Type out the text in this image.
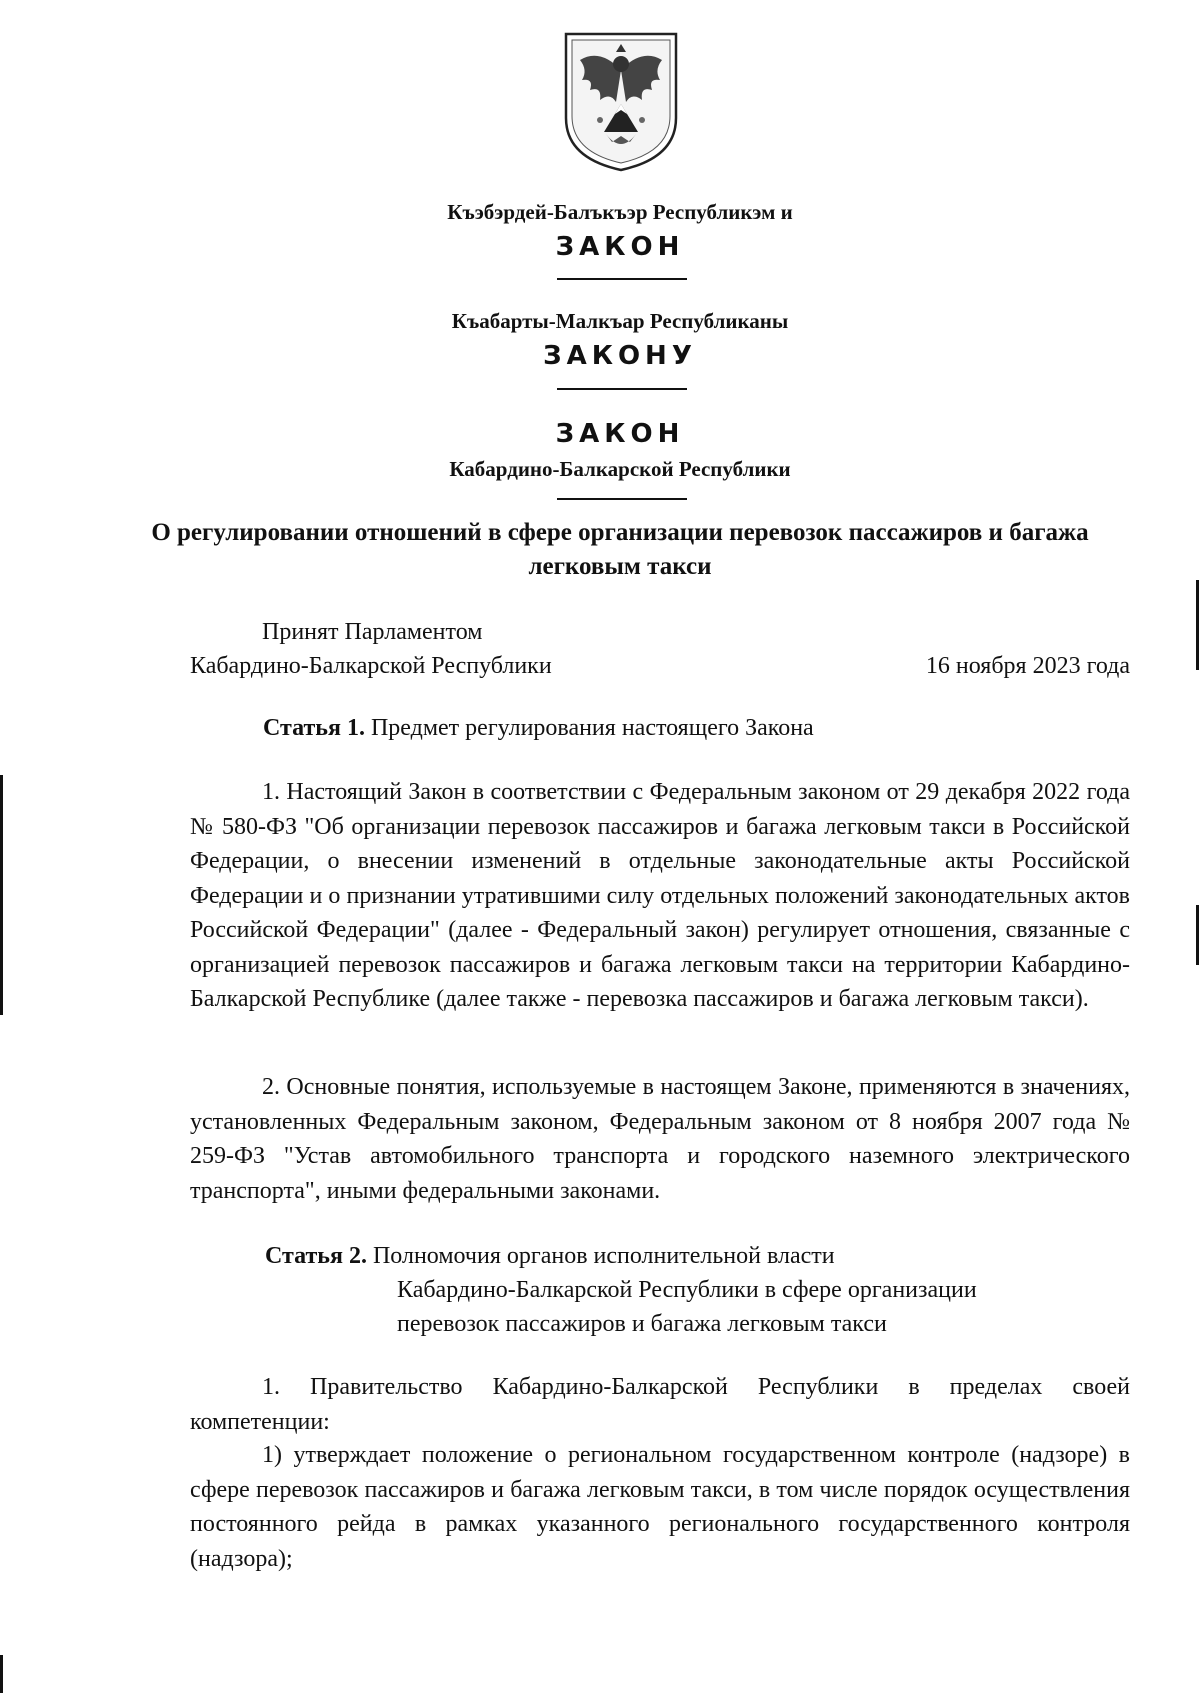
Къэбэрдей-Балъкъэр Республикэм и
ЗАКОН
Къабарты-Малкъар Республиканы
ЗАКОНУ
ЗАКОН
Кабардино-Балкарской Республики
О регулировании отношений в сфере организации перевозок пассажиров и багажа легковым такси
Принят Парламентом
Кабардино-Балкарской Республики	16 ноября 2023 года
Статья 1. Предмет регулирования настоящего Закона

1. Настоящий Закон в соответствии с Федеральным законом от 29 декабря 2022 года № 580-ФЗ "Об организации перевозок пассажиров и багажа легковым такси в Российской Федерации, о внесении изменений в отдельные законодательные акты Российской Федерации и о признании утратившими силу отдельных положений законодательных актов Российской Федерации" (далее - Федеральный закон) регулирует отношения, связанные с организацией перевозок пассажиров и багажа легковым такси на территории Кабардино-Балкарской Республике (далее также - перевозка пассажиров и багажа легковым такси).

2. Основные понятия, используемые в настоящем Законе, применяются в значениях, установленных Федеральным законом, Федеральным законом от 8 ноября 2007 года № 259-ФЗ "Устав автомобильного транспорта и городского наземного электрического транспорта", иными федеральными законами.

Статья 2. Полномочия органов исполнительной власти
Кабардино-Балкарской Республики в сфере организации
перевозок пассажиров и багажа легковым такси

1. Правительство Кабардино-Балкарской Республики в пределах своей компетенции:

1) утверждает положение о региональном государственном контроле (надзоре) в сфере перевозок пассажиров и багажа легковым такси, в том числе порядок осуществления постоянного рейда в рамках указанного регионального государственного контроля (надзора);
